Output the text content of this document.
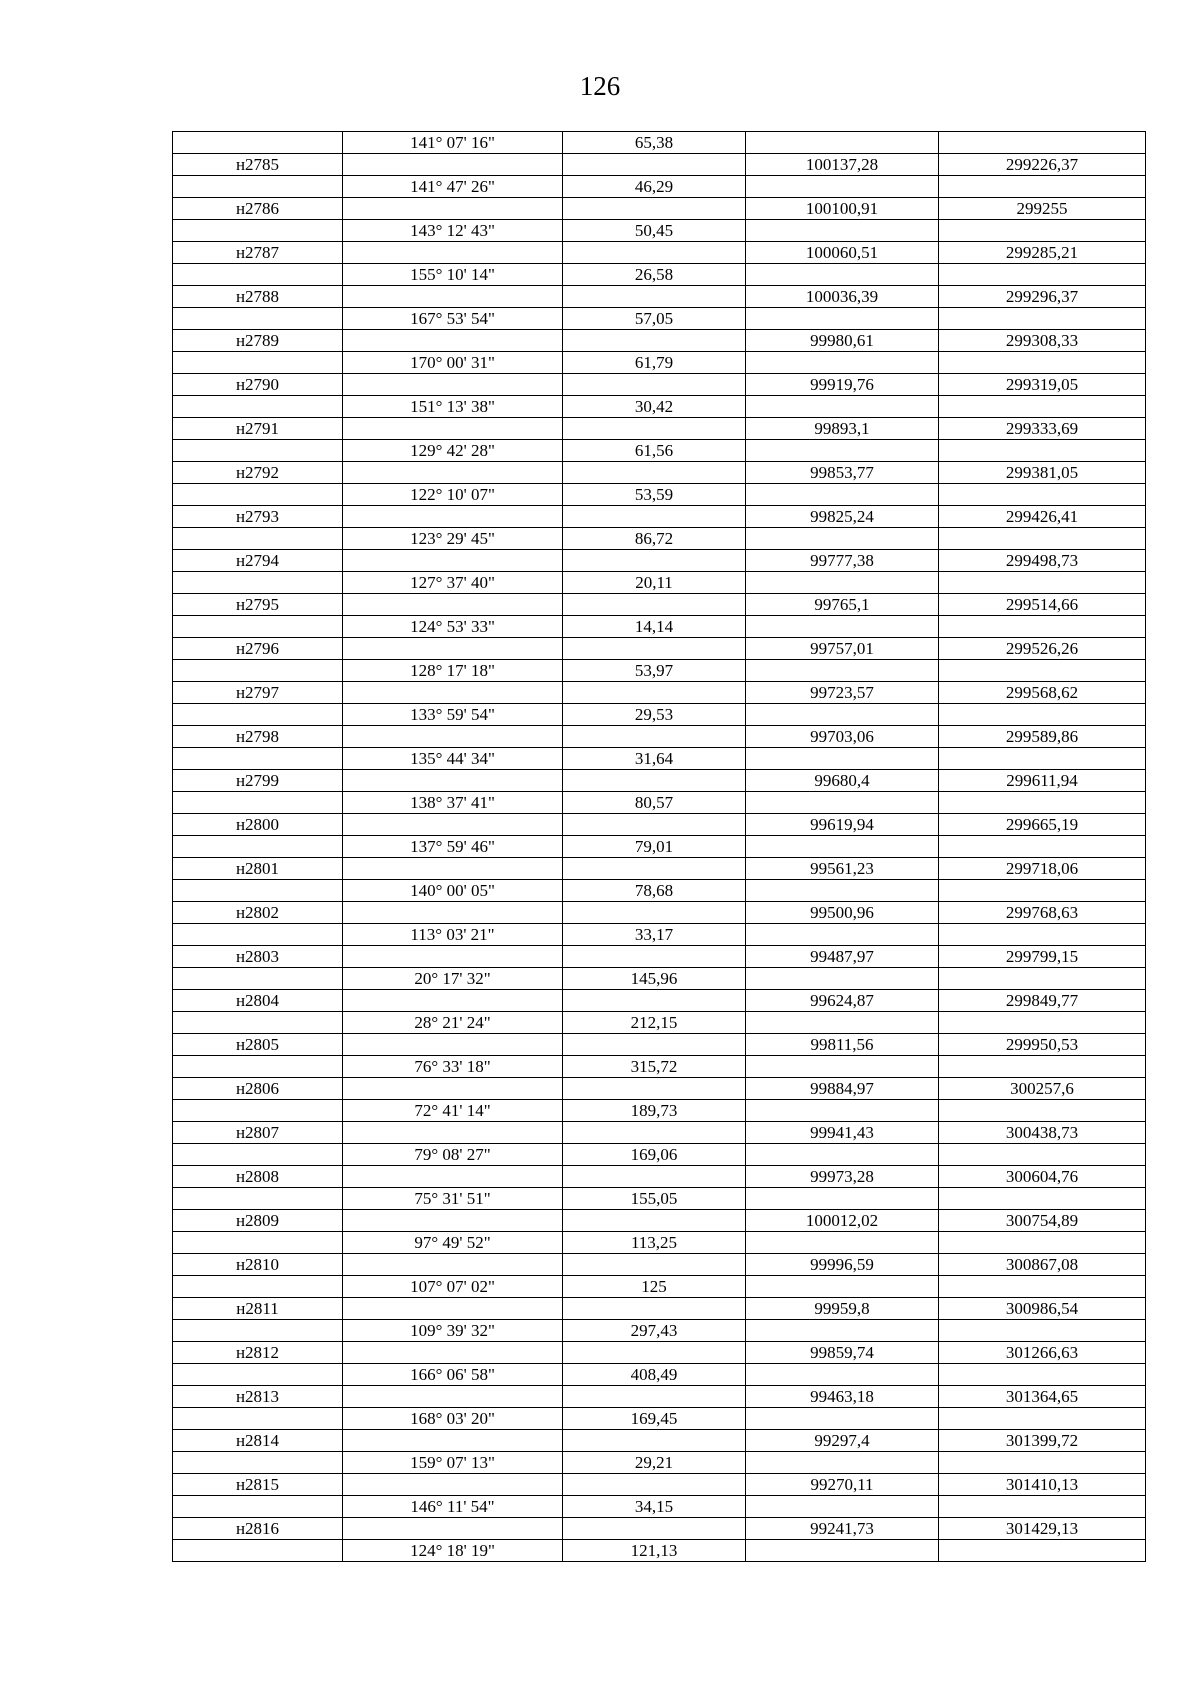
126
	141° 07' 16"	65,38		
н2785			100137,28	299226,37
	141° 47' 26"	46,29		
н2786			100100,91	299255
	143° 12' 43"	50,45		
н2787			100060,51	299285,21
	155° 10' 14"	26,58		
н2788			100036,39	299296,37
	167° 53' 54"	57,05		
н2789			99980,61	299308,33
	170° 00' 31"	61,79		
н2790			99919,76	299319,05
	151° 13' 38"	30,42		
н2791			99893,1	299333,69
	129° 42' 28"	61,56		
н2792			99853,77	299381,05
	122° 10' 07"	53,59		
н2793			99825,24	299426,41
	123° 29' 45"	86,72		
н2794			99777,38	299498,73
	127° 37' 40"	20,11		
н2795			99765,1	299514,66
	124° 53' 33"	14,14		
н2796			99757,01	299526,26
	128° 17' 18"	53,97		
н2797			99723,57	299568,62
	133° 59' 54"	29,53		
н2798			99703,06	299589,86
	135° 44' 34"	31,64		
н2799			99680,4	299611,94
	138° 37' 41"	80,57		
н2800			99619,94	299665,19
	137° 59' 46"	79,01		
н2801			99561,23	299718,06
	140° 00' 05"	78,68		
н2802			99500,96	299768,63
	113° 03' 21"	33,17		
н2803			99487,97	299799,15
	20° 17' 32"	145,96		
н2804			99624,87	299849,77
	28° 21' 24"	212,15		
н2805			99811,56	299950,53
	76° 33' 18"	315,72		
н2806			99884,97	300257,6
	72° 41' 14"	189,73		
н2807			99941,43	300438,73
	79° 08' 27"	169,06		
н2808			99973,28	300604,76
	75° 31' 51"	155,05		
н2809			100012,02	300754,89
	97° 49' 52"	113,25		
н2810			99996,59	300867,08
	107° 07' 02"	125		
н2811			99959,8	300986,54
	109° 39' 32"	297,43		
н2812			99859,74	301266,63
	166° 06' 58"	408,49		
н2813			99463,18	301364,65
	168° 03' 20"	169,45		
н2814			99297,4	301399,72
	159° 07' 13"	29,21		
н2815			99270,11	301410,13
	146° 11' 54"	34,15		
н2816			99241,73	301429,13
	124° 18' 19"	121,13		
